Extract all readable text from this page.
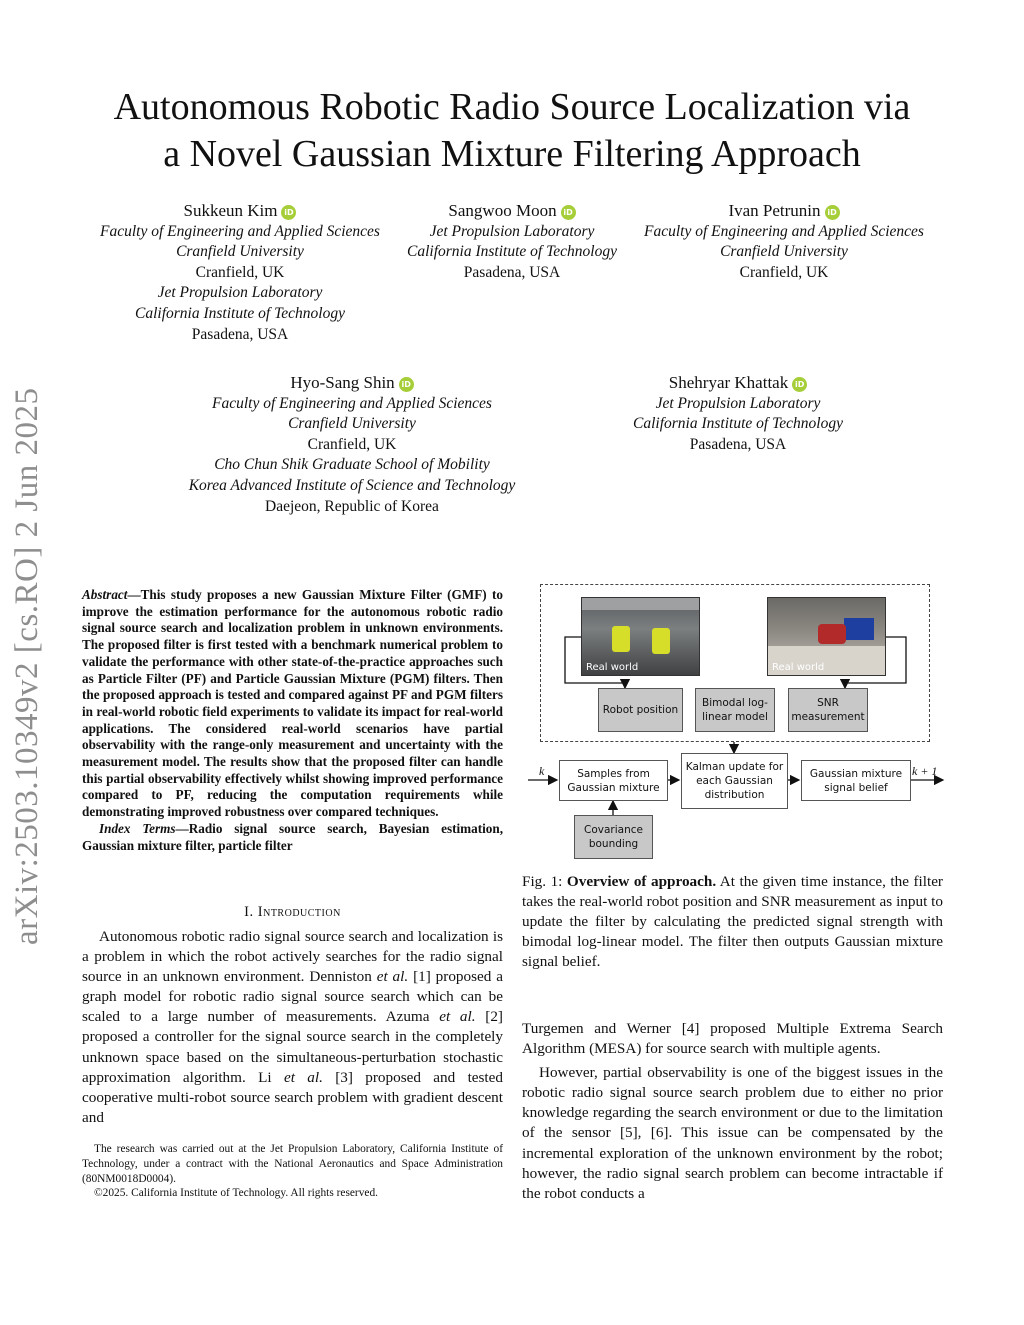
Autonomous Robotic Radio Source Localization via
a Novel Gaussian Mixture Filtering Approach
Sukkeun Kim iD
Faculty of Engineering and Applied Sciences
Cranfield University
Cranfield, UK
Jet Propulsion Laboratory
California Institute of Technology
Pasadena, USA
Sangwoo Moon iD
Jet Propulsion Laboratory
California Institute of Technology
Pasadena, USA
Ivan Petrunin iD
Faculty of Engineering and Applied Sciences
Cranfield University
Cranfield, UK
Hyo-Sang Shin iD
Faculty of Engineering and Applied Sciences
Cranfield University
Cranfield, UK
Cho Chun Shik Graduate School of Mobility
Korea Advanced Institute of Science and Technology
Daejeon, Republic of Korea
Shehryar Khattak iD
Jet Propulsion Laboratory
California Institute of Technology
Pasadena, USA
arXiv:2503.10349v2 [cs.RO] 2 Jun 2025	Abstract—This study proposes a new Gaussian Mixture Filter (GMF) to improve the estimation performance for the autonomous robotic radio signal source search and localization problem in unknown environments. The proposed filter is first tested with a benchmark numerical problem to validate the performance with other state-of-the-practice approaches such as Particle Filter (PF) and Particle Gaussian Mixture (PGM) filters. Then the proposed approach is tested and compared against PF and PGM filters in real-world robotic field experiments to validate its impact for real-world applications. The considered real-world scenarios have partial observability with the range-only measurement and uncertainty with the measurement model. The results show that the proposed filter can handle this partial observability effectively whilst showing improved performance compared to PF, reducing the computation requirements while demonstrating improved robustness over compared techniques.
Index Terms—Radio signal source search, Bayesian estimation, Gaussian mixture filter, particle filter
I. Introduction

Autonomous robotic radio signal source search and localization is a problem in which the robot actively searches for the radio signal source in an unknown environment. Denniston et al. [1] proposed a graph model for robotic radio signal source search which can be scaled to a large number of measurements. Azuma et al. [2] proposed a controller for the signal source search in the completely unknown space based on the simultaneous-perturbation stochastic approximation algorithm. Li et al. [3] proposed and tested cooperative multi-robot source search problem with gradient descent and

The research was carried out at the Jet Propulsion Laboratory, California Institute of Technology, under a contract with the National Aeronautics and Space Administration (80NM0018D0004).

©2025. California Institute of Technology. All rights reserved.

Real world	Real world
Robot position
Bimodal log-linear model
SNR measurement
Samples from Gaussian mixture
Kalman update for each Gaussian distribution
Gaussian mixture signal belief
Covariance bounding
k	k + 1
Fig. 1: Overview of approach. At the given time instance, the filter takes the real-world robot position and SNR measurement as input to update the filter by calculating the predicted signal strength with bimodal log-linear model. The filter then outputs Gaussian mixture signal belief.

Turgemen and Werner [4] proposed Multiple Extrema Search Algorithm (MESA) for source search with multiple agents.

However, partial observability is one of the biggest issues in the robotic radio signal source search problem due to either no prior knowledge regarding the search environment or due to the limitation of the sensor [5], [6]. This issue can be compensated by the incremental exploration of the unknown environment by the robot; however, the radio signal search problem can become intractable if the robot conducts a
